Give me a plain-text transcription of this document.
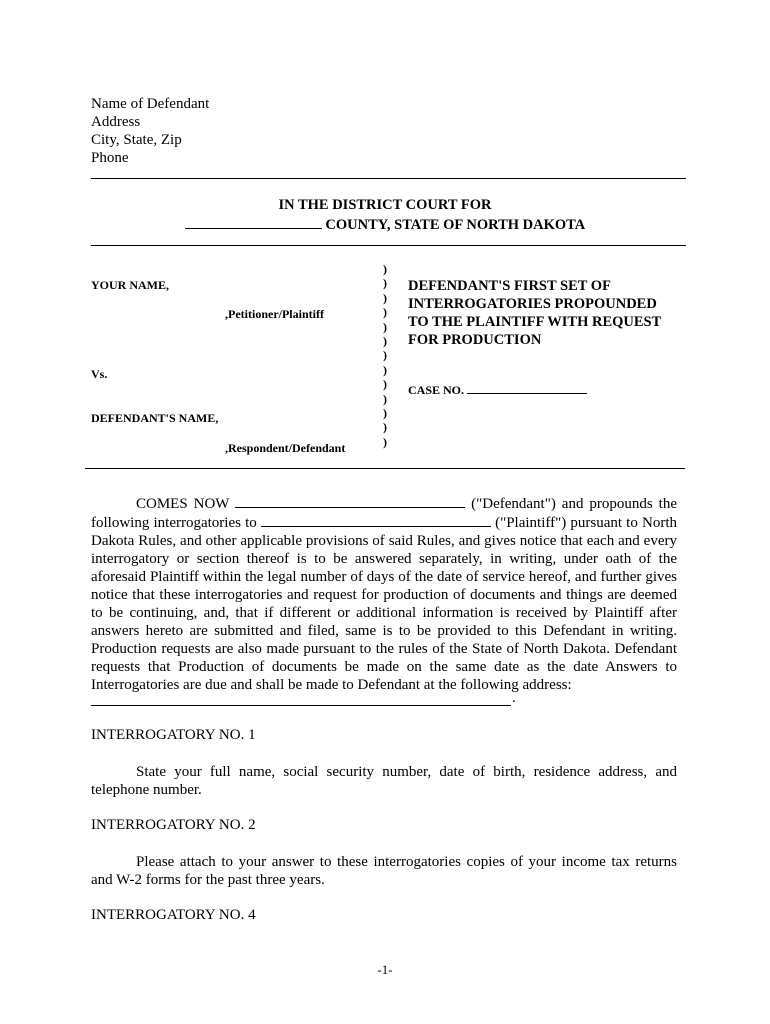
Name of Defendant
Address
City, State, Zip
Phone
IN THE DISTRICT COURT FOR
COUNTY, STATE OF NORTH DAKOTA
YOUR NAME,
,Petitioner/Plaintiff
Vs.
DEFENDANT'S NAME,
,Respondent/Defendant
)
)
)
)
)
)
)
)
)
)
)
)
)
DEFENDANT'S FIRST SET OF
INTERROGATORIES PROPOUNDED
TO THE PLAINTIFF WITH REQUEST
FOR PRODUCTION
CASE NO.

COMES NOW	("Defendant") and propounds the following interrogatories to	("Plaintiff") pursuant to North Dakota Rules, and other applicable provisions of said Rules, and gives notice that each and every interrogatory or section thereof is to be answered separately, in writing, under oath of the aforesaid Plaintiff within the legal number of days of the date of service hereof, and further gives notice that these interrogatories and request for production of documents and things are deemed to be continuing, and, that if different or additional information is received by Plaintiff after answers hereto are submitted and filed, same is to be provided to this Defendant in writing. Production requests are also made pursuant to the rules of the State of North Dakota. Defendant requests that Production of documents be made on the same date as the date Answers to Interrogatories are due and shall be made to Defendant at the following address:

.
INTERROGATORY NO. 1

State your full name, social security number, date of birth, residence address, and telephone number.

INTERROGATORY NO. 2

Please attach to your answer to these interrogatories copies of your income tax returns and W-2 forms for the past three years.

INTERROGATORY NO. 4
-1-
